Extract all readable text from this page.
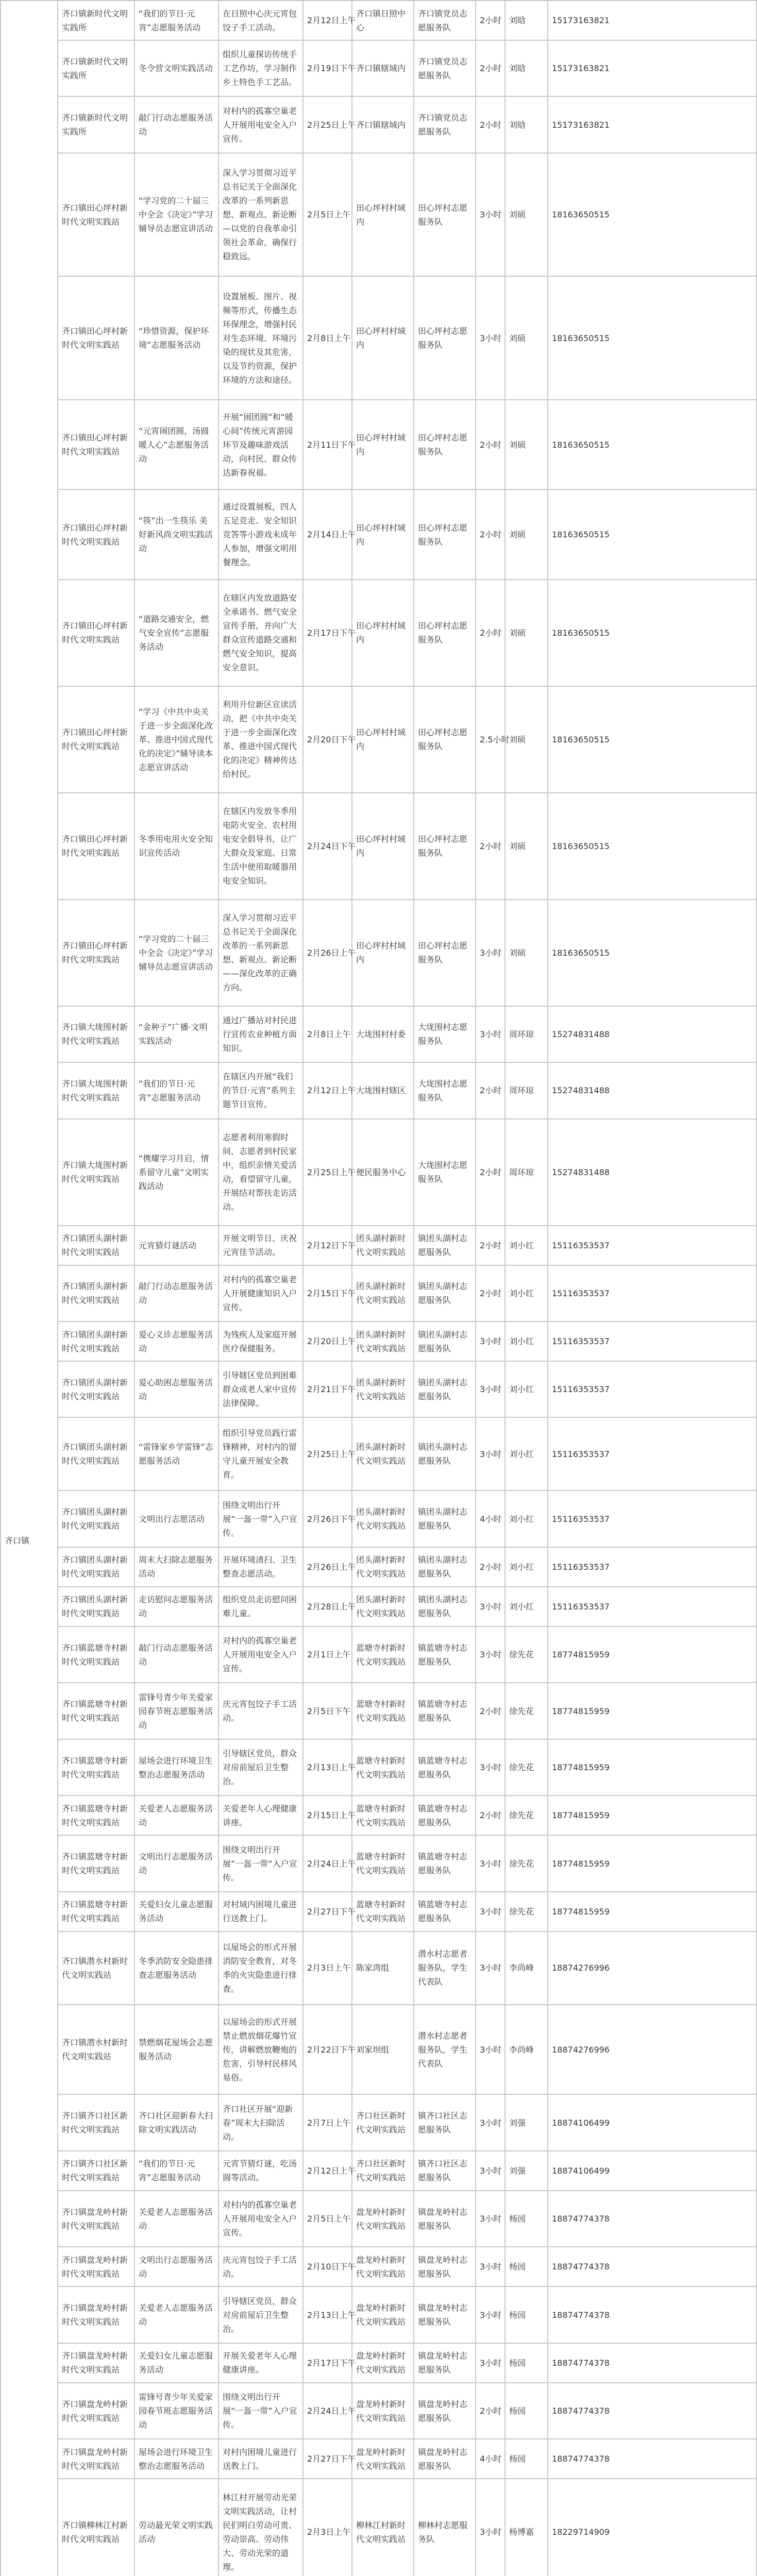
齐口镇	齐口镇新时代文明实践所	“我们的节日·元宵”志愿服务活动	在日照中心庆元宵包饺子手工活动。	2月12日上午	齐口镇日照中心	齐口镇党员志愿服务队	2小时	刘晗	15173163821
	齐口镇新时代文明实践所	冬令营文明实践活动	组织儿童探访传统手工艺作坊，学习制作乡土特色手工艺品。	2月19日下午	齐口镇辖域内	齐口镇党员志愿服务队	2小时	刘晗	15173163821
	齐口镇新时代文明实践所	敲门行动志愿服务活动	对村内的孤寡空巢老人开展用电安全入户宣传。	2月25日上午	齐口镇辖域内	齐口镇党员志愿服务队	2小时	刘晗	15173163821
	齐口镇田心坪村新时代文明实践站	“学习党的二十届三中全会《决定》”学习辅导员志愿宣讲活动	深入学习贯彻习近平总书记关于全面深化改革的一系列新思想、新观点、新论断—以党的自我革命引领社会革命，确保行稳致远。	2月5日上午	田心坪村村域内	田心坪村志愿服务队	3小时	刘硕	18163650515
	齐口镇田心坪村新时代文明实践站	“珍惜资源，保护环境”志愿服务活动	设置展板、图片、视频等形式，传播生态环保理念，增强村民对生态环境、环境污染的现状及其危害，以及节约资源，保护环境的方法和途径。	2月8日上午	田心坪村村域内	田心坪村志愿服务队	3小时	刘硕	18163650515
	齐口镇田心坪村新时代文明实践站	“元宵闹团圆，汤圆暖人心”志愿服务活动	开展“闹团圆”和“暖心间”传统元宵游园环节及趣味游戏活动，向村民、群众传达新春祝福。	2月11日下午	田心坪村村域内	田心坪村志愿服务队	2小时	刘硕	18163650515
	齐口镇田心坪村新时代文明实践站	“筷”出一生筷乐 美好新风尚文明实践活动	通过设置展板，四人五足竞走、安全知识竞答等小游戏未成年人参加，增强文明用餐理念。	2月14日上午	田心坪村村域内	田心坪村志愿服务队	2小时	刘硕	18163650515
	齐口镇田心坪村新时代文明实践站	“道路交通安全，燃气安全宣传”志愿服务活动	在辖区内发放道路安全承诺书、燃气安全宣传手册，并向广大群众宣传道路交通和燃气安全知识，提高安全意识。	2月17日下午	田心坪村村域内	田心坪村志愿服务队	2小时	刘硕	18163650515
	齐口镇田心坪村新时代文明实践站	“学习《中共中央关于进一步全面深化改革、推进中国式现代化的决定》”辅导读本志愿宣讲活动	利用升位新区宣读活动，把《中共中央关于进一步全面深化改革、推进中国式现代化的决定》精神传达给村民。	2月20日下午	田心坪村村域内	田心坪村志愿服务队	2.5小时	刘硕	18163650515
	齐口镇田心坪村新时代文明实践站	冬季用电用火安全知识宣传活动	在辖区内发放冬季用电防火安全、农村用电安全倡导书，让广大群众及家庭、日常生活中使用取暖器用电安全知识。	2月24日下午	田心坪村村域内	田心坪村志愿服务队	2小时	刘硕	18163650515
	齐口镇田心坪村新时代文明实践站	“学习党的二十届三中全会《决定》”学习辅导员志愿宣讲活动	深入学习贯彻习近平总书记关于全面深化改革的一系列新思想、新观点、新论断——深化改革的正确方向。	2月26日上午	田心坪村村域内	田心坪村志愿服务队	3小时	刘硕	18163650515
	齐口镇大垅围村新时代文明实践站	“金种子”广播·文明实践活动	通过广播站对村民进行宣传农业种植方面知识。	2月8日上午	大垅围村村委	大垅围村志愿服务队	3小时	周环琼	15274831488
	齐口镇大垅围村新时代文明实践站	“我们的节日·元宵”志愿服务活动	在辖区内开展“我们的节日·元宵”系列主题节日宣传。	2月12日上午	大垅围村辖区	大垅围村志愿服务队	2小时	周环琼	15274831488
	齐口镇大垅围村新时代文明实践站	“携耀学习月启，情系留守儿童”文明实践活动	志愿者利用寒假时间，志愿者到村民家中，组织亲情关爱活动，看望留守儿童，开展结对帮扶走访活动。	2月25日上午	便民服务中心	大垅围村志愿服务队	2小时	周环琼	15274831488
	齐口镇团头湖村新时代文明实践站	元宵猜灯谜活动	开展文明节日、庆祝元宵佳节活动。	2月12日下午	团头湖村新时代文明实践站	镇团头湖村志愿服务队	2小时	刘小红	15116353537
	齐口镇团头湖村新时代文明实践站	敲门行动志愿服务活动	对村内的孤寡空巢老人开展健康知识入户宣传。	2月15日下午	团头湖村新时代文明实践站	镇团头湖村志愿服务队	2小时	刘小红	15116353537
	齐口镇团头湖村新时代文明实践站	爱心义诊志愿服务活动	为残疾人及家庭开展医疗保健服务。	2月20日上午	团头湖村新时代文明实践站	镇团头湖村志愿服务队	3小时	刘小红	15116353537
	齐口镇团头湖村新时代文明实践站	爱心助困志愿服务活动	引导辖区党员到困难群众或老人家中宣传法律保障。	2月21日下午	团头湖村新时代文明实践站	镇团头湖村志愿服务队	3小时	刘小红	15116353537
	齐口镇团头湖村新时代文明实践站	“雷锋家乡学雷锋”志愿服务活动	组织引导党员践行雷锋精神，对村内的留守儿童开展安全教育。	2月25日上午	团头湖村新时代文明实践站	镇团头湖村志愿服务队	3小时	刘小红	15116353537
	齐口镇团头湖村新时代文明实践站	文明出行志愿活动	围绕文明出行开展“一盔一带”入户宣传。	2月26日下午	团头湖村新时代文明实践站	镇团头湖村志愿服务队	4小时	刘小红	15116353537
	齐口镇团头湖村新时代文明实践站	周末大扫除志愿服务活动	开展环境清扫、卫生整查志愿活动。	2月26日上午	团头湖村新时代文明实践站	镇团头湖村志愿服务队	2小时	刘小红	15116353537
	齐口镇团头湖村新时代文明实践站	走访慰问志愿服务活动	组织党员走访慰问困难儿童。	2月28日上午	团头湖村新时代文明实践站	镇团头湖村志愿服务队	3小时	刘小红	15116353537
	齐口镇蓝塘寺村新时代文明实践站	敲门行动志愿服务活动	对村内的孤寡空巢老人开展用电安全入户宣传。	2月1日上午	蓝塘寺村新时代文明实践站	镇蓝塘寺村志愿服务队	3小时	徐先花	18774815959
	齐口镇蓝塘寺村新时代文明实践站	雷锋号青少年关爱家园春节班志愿服务活动	庆元宵包饺子手工活动。	2月5日下午	蓝塘寺村新时代文明实践站	镇蓝塘寺村志愿服务队	2小时	徐先花	18774815959
	齐口镇蓝塘寺村新时代文明实践站	屋场会进行环境卫生整治志愿服务活动	引导辖区党员，群众对房前屋后卫生整治。	2月13日上午	蓝塘寺村新时代文明实践站	镇蓝塘寺村志愿服务队	3小时	徐先花	18774815959
	齐口镇蓝塘寺村新时代文明实践站	关爱老人志愿服务活动	关爱老年人心理健康讲座。	2月15日上午	蓝塘寺村新时代文明实践站	镇蓝塘寺村志愿服务队	2小时	徐先花	18774815959
	齐口镇蓝塘寺村新时代文明实践站	文明出行志愿服务活动	围绕文明出行开展“一盔一带”入户宣传。	2月24日上午	蓝塘寺村新时代文明实践站	镇蓝塘寺村志愿服务队	3小时	徐先花	18774815959
	齐口镇蓝塘寺村新时代文明实践站	关爱妇女儿童志愿服务活动	对村域内困境儿童进行送教上门。	2月27日下午	蓝塘寺村新时代文明实践站	镇蓝塘寺村志愿服务队	3小时	徐先花	18774815959
	齐口镇潜水村新时代文明实践站	冬季消防安全隐患排查志愿服务活动	以屋场会的形式开展消防安全教育，对冬季的火灾隐患进行排查。	2月3日上午	陈家湾组	潜水村志愿者服务队，学生代表队	3小时	李尚峰	18874276996
	齐口镇潜水村新时代文明实践站	禁燃烟花屋场会志愿服务活动	以屋场会的形式开展禁止燃放烟花爆竹宣传，讲解燃放鞭炮的危害，引导村民移风易俗。	2月22日下午	刘家坝组	潜水村志愿者服务队，学生代表队	3小时	李尚峰	18874276996
	齐口镇齐口社区新时代文明实践站	齐口社区迎新春大扫除文明实践活动	齐口社区开展“迎新春”周末大扫除活动。	2月7日上午	齐口社区新时代文明实践站	镇齐口社区志愿服务队	3小时	刘强	18874106499
	齐口镇齐口社区新时代文明实践站	“我们的节日·元宵”志愿服务活动	元宵节猜灯谜，吃汤圆等活动。	2月12日上午	齐口社区新时代文明实践站	镇齐口社区志愿服务队	3小时	刘强	18874106499
	齐口镇盘龙岭村新时代文明实践站	关爱老人志愿服务活动	对村内的孤寡空巢老人开展用电安全入户宣传。	2月5日上午	盘龙岭村新时代文明实践站	镇盘龙岭村志愿服务队	3小时	杨园	18874774378
	齐口镇盘龙岭村新时代文明实践站	文明出行志愿服务活动	庆元宵包饺子手工活动。	2月10日下午	盘龙岭村新时代文明实践站	镇盘龙岭村志愿服务队	3小时	杨园	18874774378
	齐口镇盘龙岭村新时代文明实践站	关爱老人志愿服务活动	引导辖区党员，群众对房前屋后卫生整治。	2月13日上午	盘龙岭村新时代文明实践站	镇盘龙岭村志愿服务队	3小时	杨园	18874774378
	齐口镇盘龙岭村新时代文明实践站	关爱妇女儿童志愿服务活动	开展关爱老年人心理健康讲座。	2月17日下午	盘龙岭村新时代文明实践站	镇盘龙岭村志愿服务队	3小时	杨园	18874774378
	齐口镇盘龙岭村新时代文明实践站	雷锋号青少年关爱家园春节班志愿服务活动	围绕文明出行开展“一盔一带”入户宣传。	2月24日上午	盘龙岭村新时代文明实践站	镇盘龙岭村志愿服务队	2小时	杨园	18874774378
	齐口镇盘龙岭村新时代文明实践站	屋场会进行环境卫生整治志愿服务活动	对村内困境儿童进行送教上门。	2月27日下午	盘龙岭村新时代文明实践站	镇盘龙岭村志愿服务队	4小时	杨园	18874774378
	齐口镇柳林江村新时代文明实践站	劳动最光荣文明实践活动	林江村开展劳动光荣文明实践活动，让村民们明白劳动可贵、劳动崇高、劳动伟大、劳动光荣的道理。	2月3日上午	柳林江村新时代文明实践站	柳林村志愿服务队	3小时	杨博嘉	18229714909
